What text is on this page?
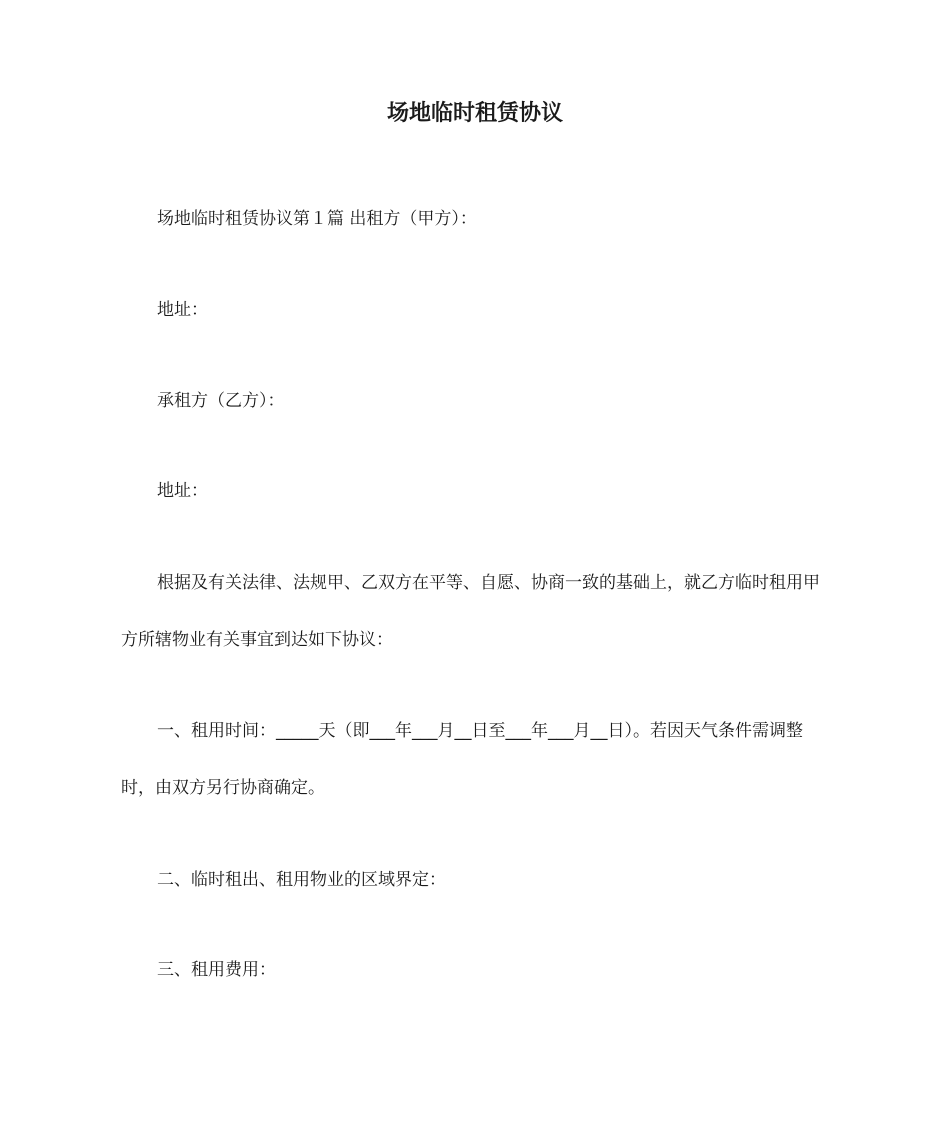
场地临时租赁协议

场地临时租赁协议第１篇 出租方（甲方）：

地址：

承租方（乙方）：

地址：

根据及有关法律、法规甲、乙双方在平等、自愿、协商一致的基础上，就乙方临时租用甲方所辖物业有关事宜到达如下协议：

一、租用时间：_____天（即___年___月__日至___年___月__日）。若因天气条件需调整时，由双方另行协商确定。

二、临时租出、租用物业的区域界定：

三、租用费用：
